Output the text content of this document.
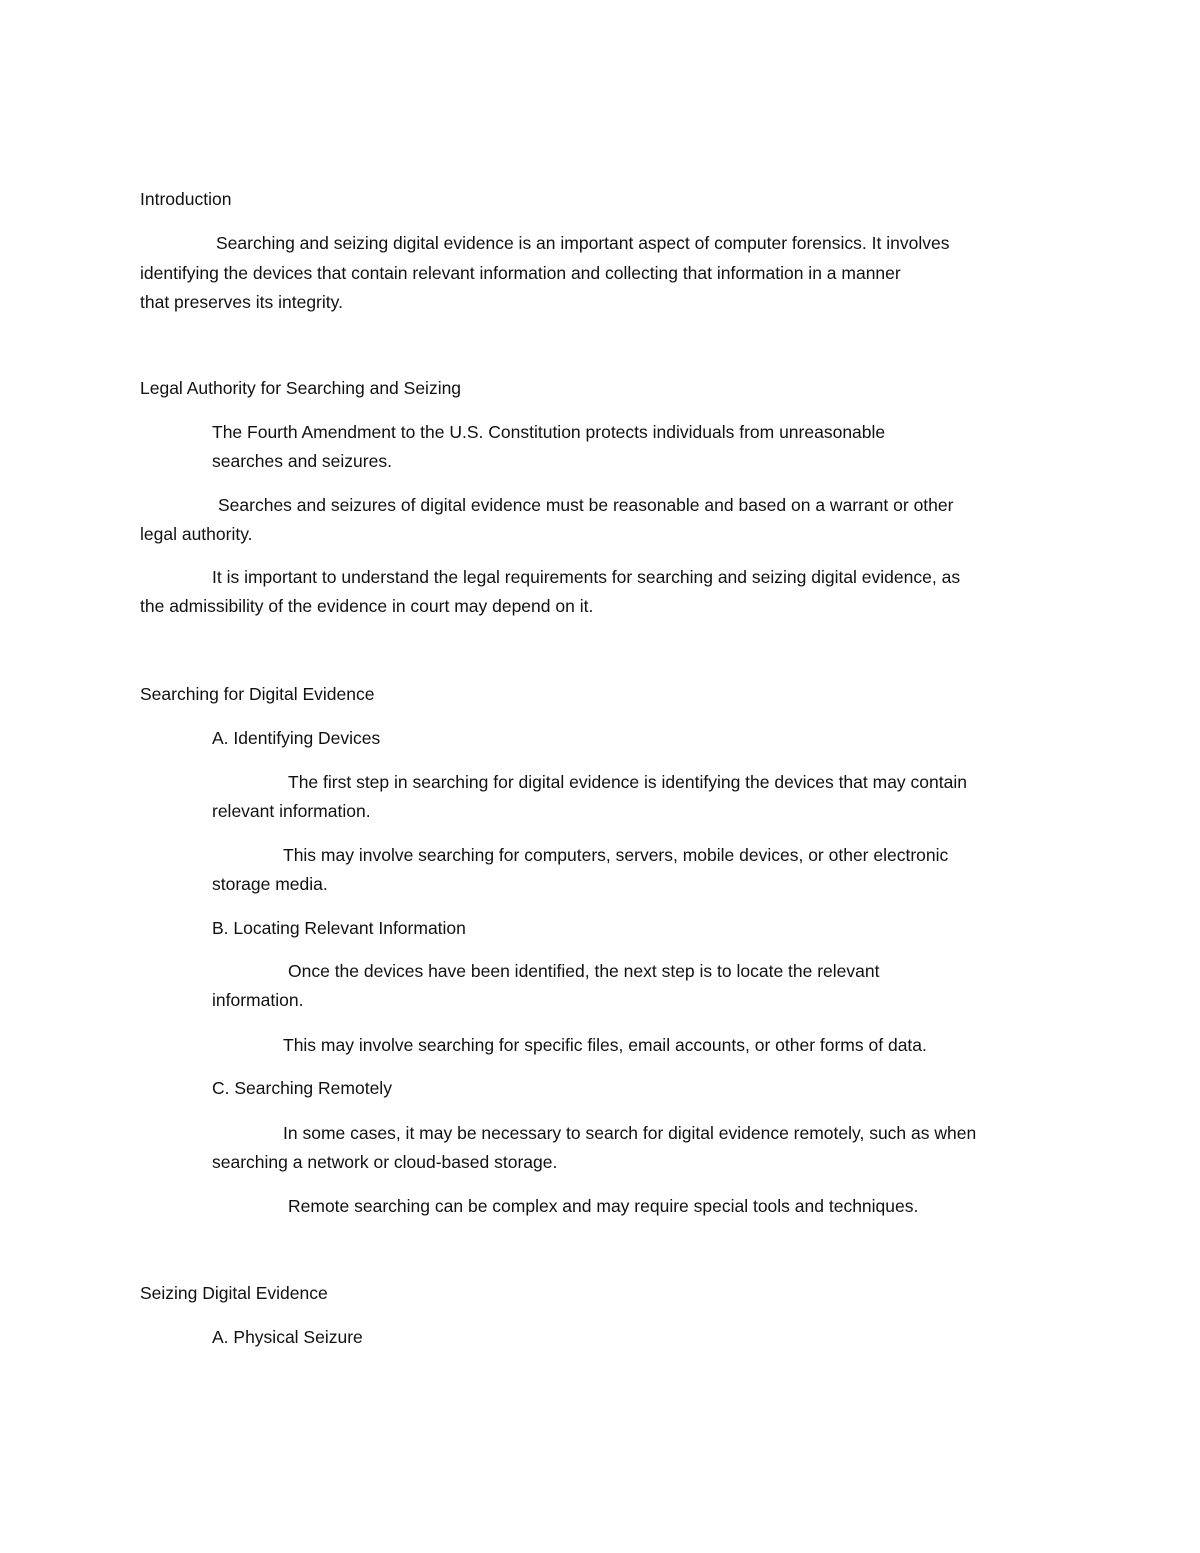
Introduction

Searching and seizing digital evidence is an important aspect of computer forensics. It involves

identifying the devices that contain relevant information and collecting that information in a manner

that preserves its integrity.

Legal Authority for Searching and Seizing

The Fourth Amendment to the U.S. Constitution protects individuals from unreasonable

searches and seizures.

Searches and seizures of digital evidence must be reasonable and based on a warrant or other

legal authority.

It is important to understand the legal requirements for searching and seizing digital evidence, as

the admissibility of the evidence in court may depend on it.

Searching for Digital Evidence

A. Identifying Devices

The first step in searching for digital evidence is identifying the devices that may contain

relevant information.

This may involve searching for computers, servers, mobile devices, or other electronic

storage media.

B. Locating Relevant Information

Once the devices have been identified, the next step is to locate the relevant

information.

This may involve searching for specific files, email accounts, or other forms of data.

C. Searching Remotely

In some cases, it may be necessary to search for digital evidence remotely, such as when

searching a network or cloud-based storage.

Remote searching can be complex and may require special tools and techniques.

Seizing Digital Evidence

A. Physical Seizure
